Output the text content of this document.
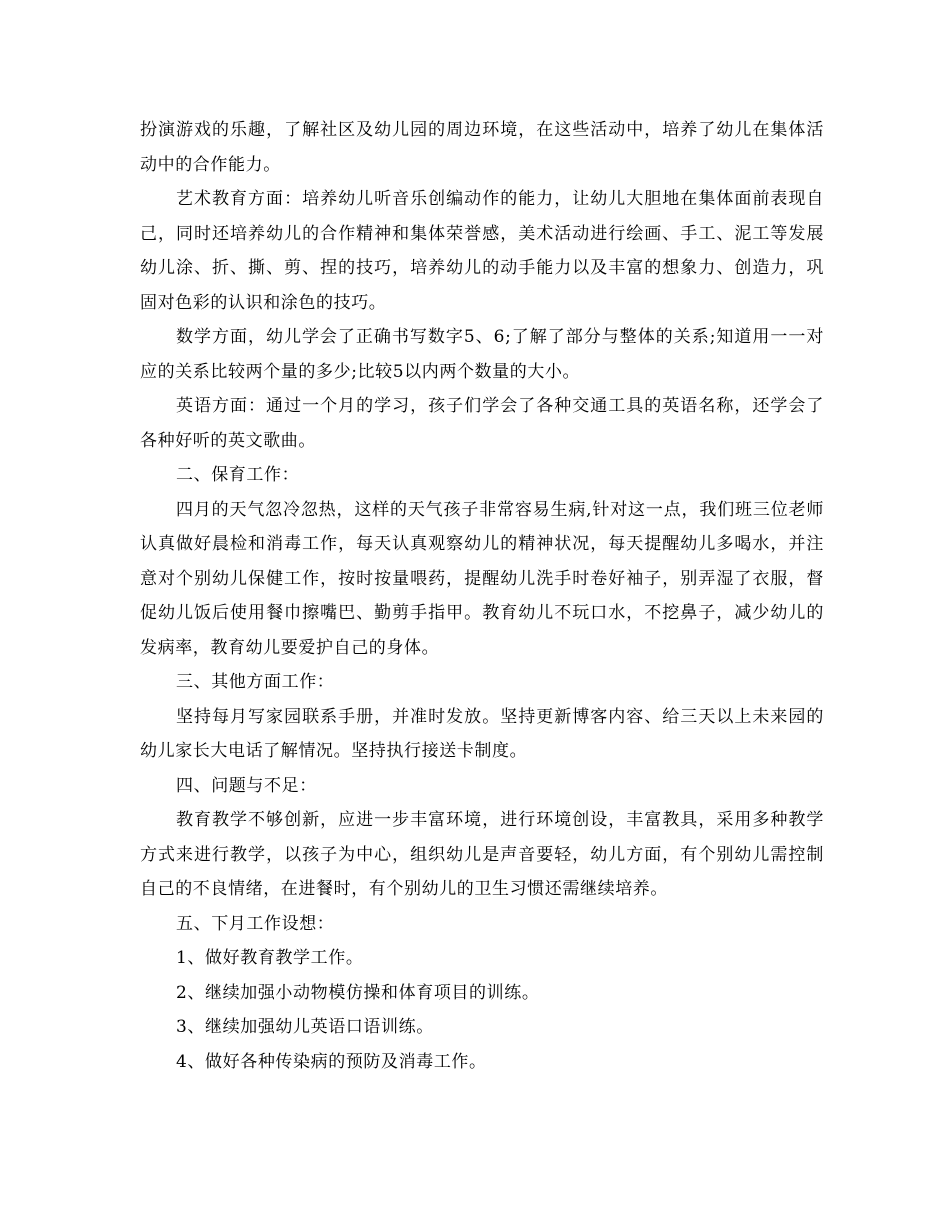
扮演游戏的乐趣，了解社区及幼儿园的周边环境，在这些活动中，培养了幼儿在集体活动中的合作能力。

艺术教育方面：培养幼儿听音乐创编动作的能力，让幼儿大胆地在集体面前表现自己，同时还培养幼儿的合作精神和集体荣誉感，美术活动进行绘画、手工、泥工等发展幼儿涂、折、撕、剪、捏的技巧，培养幼儿的动手能力以及丰富的想象力、创造力，巩固对色彩的认识和涂色的技巧。

数学方面，幼儿学会了正确书写数字5、6;了解了部分与整体的关系;知道用一一对应的关系比较两个量的多少;比较5以内两个数量的大小。

英语方面：通过一个月的学习，孩子们学会了各种交通工具的英语名称，还学会了各种好听的英文歌曲。

二、保育工作：

四月的天气忽冷忽热，这样的天气孩子非常容易生病,针对这一点，我们班三位老师认真做好晨检和消毒工作，每天认真观察幼儿的精神状况，每天提醒幼儿多喝水，并注意对个别幼儿保健工作，按时按量喂药，提醒幼儿洗手时卷好袖子，别弄湿了衣服，督促幼儿饭后使用餐巾擦嘴巴、勤剪手指甲。教育幼儿不玩口水，不挖鼻子，减少幼儿的发病率，教育幼儿要爱护自己的身体。

三、其他方面工作：

坚持每月写家园联系手册，并准时发放。坚持更新博客内容、给三天以上未来园的幼儿家长大电话了解情况。坚持执行接送卡制度。

四、问题与不足：

教育教学不够创新，应进一步丰富环境，进行环境创设，丰富教具，采用多种教学方式来进行教学，以孩子为中心，组织幼儿是声音要轻，幼儿方面，有个别幼儿需控制自己的不良情绪，在进餐时，有个别幼儿的卫生习惯还需继续培养。

五、下月工作设想：

1、做好教育教学工作。

2、继续加强小动物模仿操和体育项目的训练。

3、继续加强幼儿英语口语训练。

4、做好各种传染病的预防及消毒工作。
